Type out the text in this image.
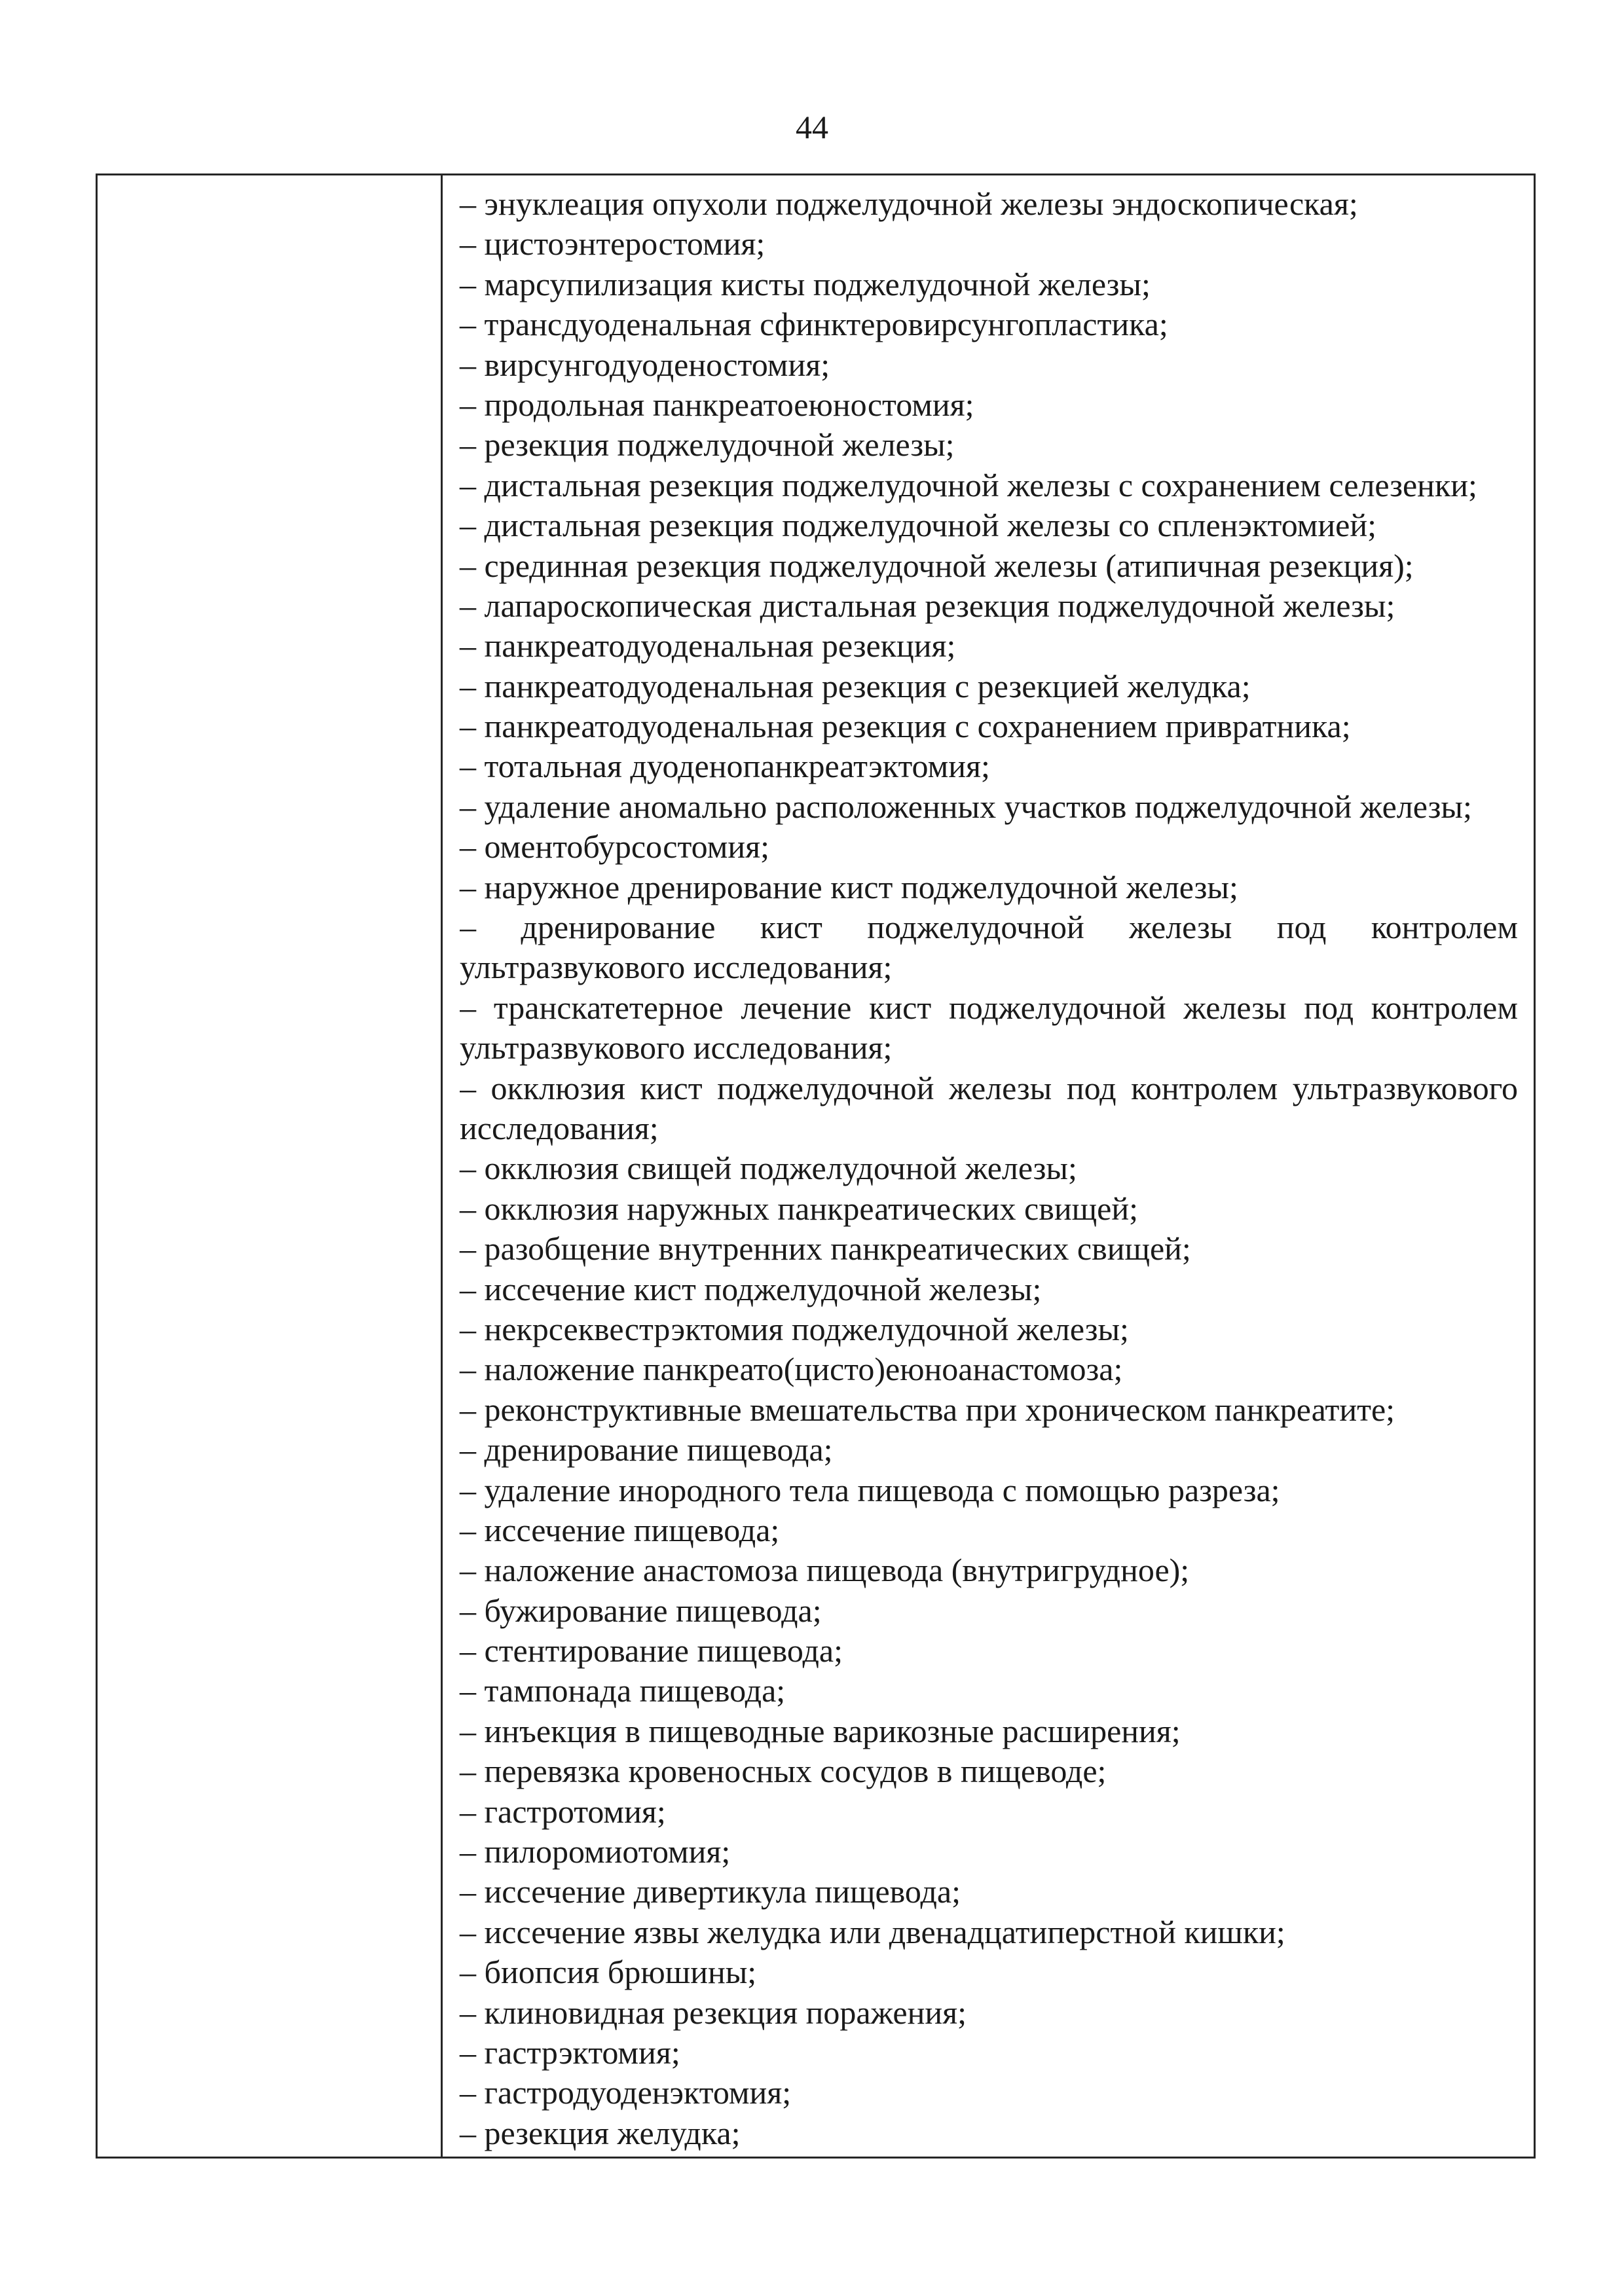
44
– энуклеация опухоли поджелудочной железы эндоскопическая;
– цистоэнтеростомия;
– марсупилизация кисты поджелудочной железы;
– трансдуоденальная сфинктеровирсунгопластика;
– вирсунгодуоденостомия;
– продольная панкреатоеюностомия;
– резекция поджелудочной железы;
– дистальная резекция поджелудочной железы с сохранением селезенки;
– дистальная резекция поджелудочной железы со спленэктомией;
– срединная резекция поджелудочной железы (атипичная резекция);
– лапароскопическая дистальная резекция поджелудочной железы;
– панкреатодуоденальная резекция;
– панкреатодуоденальная резекция с резекцией желудка;
– панкреатодуоденальная резекция с сохранением привратника;
– тотальная дуоденопанкреатэктомия;
– удаление аномально расположенных участков поджелудочной железы;
– оментобурсостомия;
– наружное дренирование кист поджелудочной железы;
– дренирование кист поджелудочной железы под контролем
ультразвукового исследования;
– транскатетерное лечение кист поджелудочной железы под контролем
ультразвукового исследования;
– окклюзия кист поджелудочной железы под контролем ультразвукового
исследования;
– окклюзия свищей поджелудочной железы;
– окклюзия наружных панкреатических свищей;
– разобщение внутренних панкреатических свищей;
– иссечение кист поджелудочной железы;
– некрсеквестрэктомия поджелудочной железы;
– наложение панкреато(цисто)еюноанастомоза;
– реконструктивные вмешательства при хроническом панкреатите;
– дренирование пищевода;
– удаление инородного тела пищевода с помощью разреза;
– иссечение пищевода;
– наложение анастомоза пищевода (внутригрудное);
– бужирование пищевода;
– стентирование пищевода;
– тампонада пищевода;
– инъекция в пищеводные варикозные расширения;
– перевязка кровеносных сосудов в пищеводе;
– гастротомия;
– пилоромиотомия;
– иссечение дивертикула пищевода;
– иссечение язвы желудка или двенадцатиперстной кишки;
– биопсия брюшины;
– клиновидная резекция поражения;
– гастрэктомия;
– гастродуоденэктомия;
– резекция желудка;
